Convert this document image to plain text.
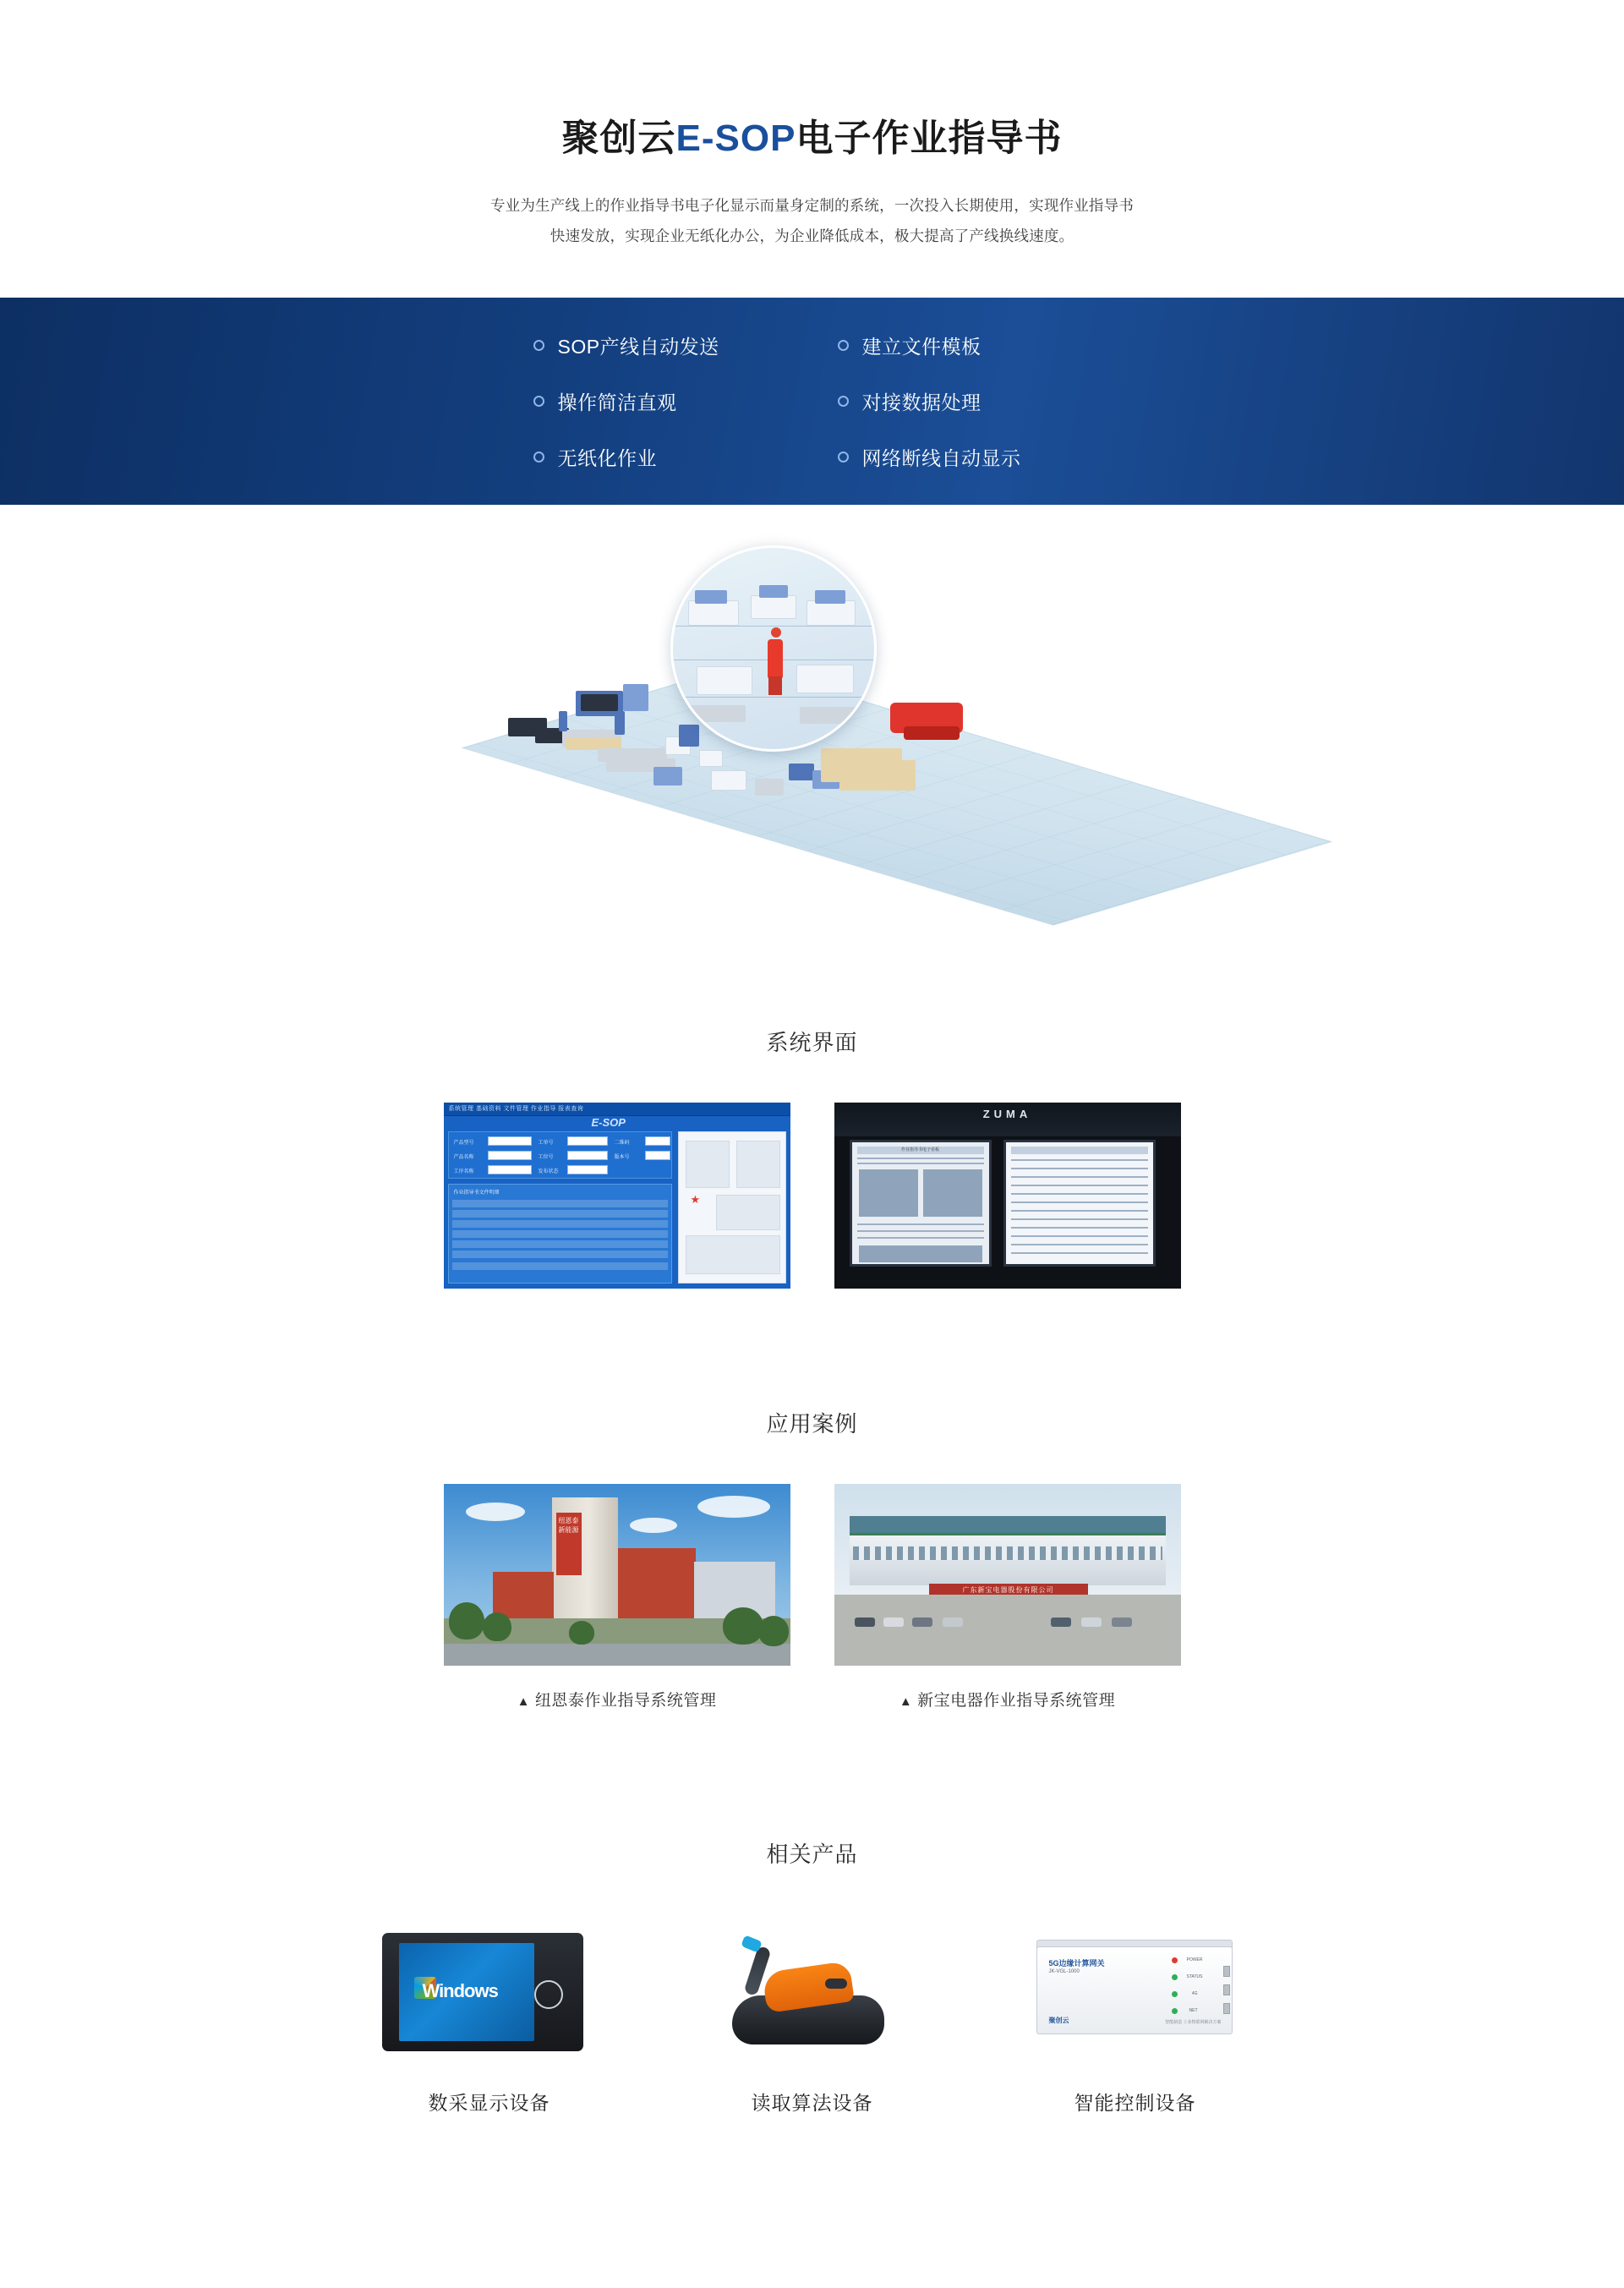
聚创云E-SOP电子作业指导书

专业为生产线上的作业指导书电子化显示而量身定制的系统，一次投入长期使用，实现作业指导书
快速发放，实现企业无纸化办公，为企业降低成本，极大提高了产线换线速度。

SOP产线自动发送	建立文件模板
操作简洁直观	对接数据处理
无纸化作业	网络断线自动显示
系统界面
系统管理 基础资料 文件管理 作业指导 报表查询
E-SOP
产品型号	工单号	二维码
产品名称	工位号	版本号
工序名称	发布状态
作业指导书文件明细	★
ZUMA
作业指导书电子看板
应用案例
纽恩泰新能源
▲ 纽恩泰作业指导系统管理
广东新宝电器股份有限公司
▲ 新宝电器作业指导系统管理
相关产品
Windows
数采显示设备	读取算法设备
5G边缘计算网关
JK-VGL-1000
POWER
STATUS
4G
NET
聚创云	智能制造 工业物联网解决方案
智能控制设备
